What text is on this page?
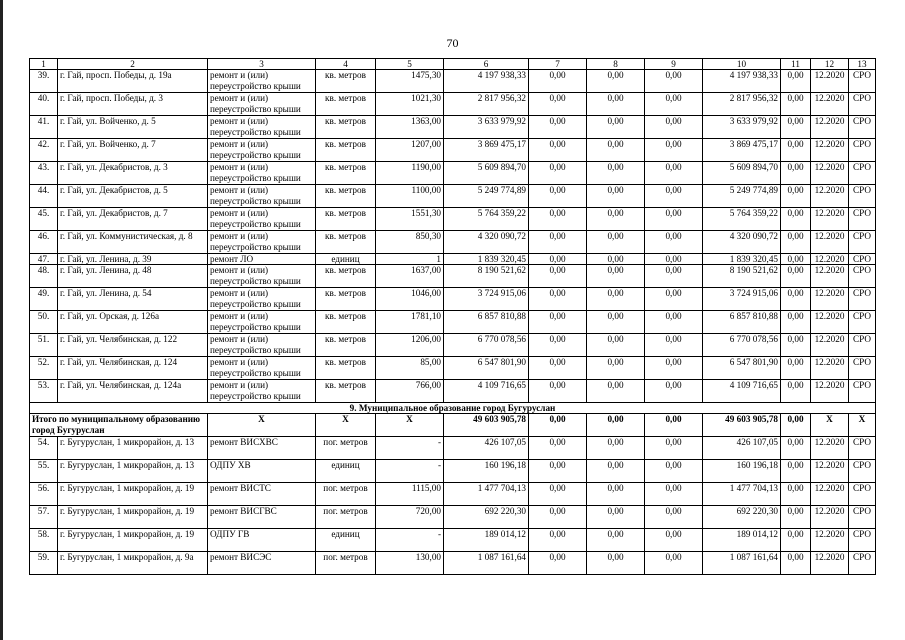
70
1	2	3	4	5	6	7	8	9	10	11	12	13
39.	г. Гай, просп. Победы, д. 19а	ремонт и (или) переустройство крыши	кв. метров	1475,30	4 197 938,33	0,00	0,00	0,00	4 197 938,33	0,00	12.2020	СРО
40.	г. Гай, просп. Победы, д. 3	ремонт и (или) переустройство крыши	кв. метров	1021,30	2 817 956,32	0,00	0,00	0,00	2 817 956,32	0,00	12.2020	СРО
41.	г. Гай, ул. Войченко, д. 5	ремонт и (или) переустройство крыши	кв. метров	1363,00	3 633 979,92	0,00	0,00	0,00	3 633 979,92	0,00	12.2020	СРО
42.	г. Гай, ул. Войченко, д. 7	ремонт и (или) переустройство крыши	кв. метров	1207,00	3 869 475,17	0,00	0,00	0,00	3 869 475,17	0,00	12.2020	СРО
43.	г. Гай, ул. Декабристов, д. 3	ремонт и (или) переустройство крыши	кв. метров	1190,00	5 609 894,70	0,00	0,00	0,00	5 609 894,70	0,00	12.2020	СРО
44.	г. Гай, ул. Декабристов, д. 5	ремонт и (или) переустройство крыши	кв. метров	1100,00	5 249 774,89	0,00	0,00	0,00	5 249 774,89	0,00	12.2020	СРО
45.	г. Гай, ул. Декабристов, д. 7	ремонт и (или) переустройство крыши	кв. метров	1551,30	5 764 359,22	0,00	0,00	0,00	5 764 359,22	0,00	12.2020	СРО
46.	г. Гай, ул. Коммунистическая, д. 8	ремонт и (или) переустройство крыши	кв. метров	850,30	4 320 090,72	0,00	0,00	0,00	4 320 090,72	0,00	12.2020	СРО
47.	г. Гай, ул. Ленина, д. 39	ремонт ЛО	единиц	1	1 839 320,45	0,00	0,00	0,00	1 839 320,45	0,00	12.2020	СРО
48.	г. Гай, ул. Ленина, д. 48	ремонт и (или) переустройство крыши	кв. метров	1637,00	8 190 521,62	0,00	0,00	0,00	8 190 521,62	0,00	12.2020	СРО
49.	г. Гай, ул. Ленина, д. 54	ремонт и (или) переустройство крыши	кв. метров	1046,00	3 724 915,06	0,00	0,00	0,00	3 724 915,06	0,00	12.2020	СРО
50.	г. Гай, ул. Орская, д. 126а	ремонт и (или) переустройство крыши	кв. метров	1781,10	6 857 810,88	0,00	0,00	0,00	6 857 810,88	0,00	12.2020	СРО
51.	г. Гай, ул. Челябинская, д. 122	ремонт и (или) переустройство крыши	кв. метров	1206,00	6 770 078,56	0,00	0,00	0,00	6 770 078,56	0,00	12.2020	СРО
52.	г. Гай, ул. Челябинская, д. 124	ремонт и (или) переустройство крыши	кв. метров	85,00	6 547 801,90	0,00	0,00	0,00	6 547 801,90	0,00	12.2020	СРО
53.	г. Гай, ул. Челябинская, д. 124а	ремонт и (или) переустройство крыши	кв. метров	766,00	4 109 716,65	0,00	0,00	0,00	4 109 716,65	0,00	12.2020	СРО
9. Муниципальное образование город Бугуруслан												
Итого по муниципальному образованию город Бугуруслан		Х	Х	Х	49 603 905,78	0,00	0,00	0,00	49 603 905,78	0,00	Х	Х
54.	г. Бугуруслан, 1 микрорайон, д. 13	ремонт ВИСХВС	пог. метров	-	426 107,05	0,00	0,00	0,00	426 107,05	0,00	12.2020	СРО
55.	г. Бугуруслан, 1 микрорайон, д. 13	ОДПУ ХВ	единиц	-	160 196,18	0,00	0,00	0,00	160 196,18	0,00	12.2020	СРО
56.	г. Бугуруслан, 1 микрорайон, д. 19	ремонт ВИСТС	пог. метров	1115,00	1 477 704,13	0,00	0,00	0,00	1 477 704,13	0,00	12.2020	СРО
57.	г. Бугуруслан, 1 микрорайон, д. 19	ремонт ВИСГВС	пог. метров	720,00	692 220,30	0,00	0,00	0,00	692 220,30	0,00	12.2020	СРО
58.	г. Бугуруслан, 1 микрорайон, д. 19	ОДПУ ГВ	единиц	-	189 014,12	0,00	0,00	0,00	189 014,12	0,00	12.2020	СРО
59.	г. Бугуруслан, 1 микрорайон, д. 9а	ремонт ВИСЭС	пог. метров	130,00	1 087 161,64	0,00	0,00	0,00	1 087 161,64	0,00	12.2020	СРО
